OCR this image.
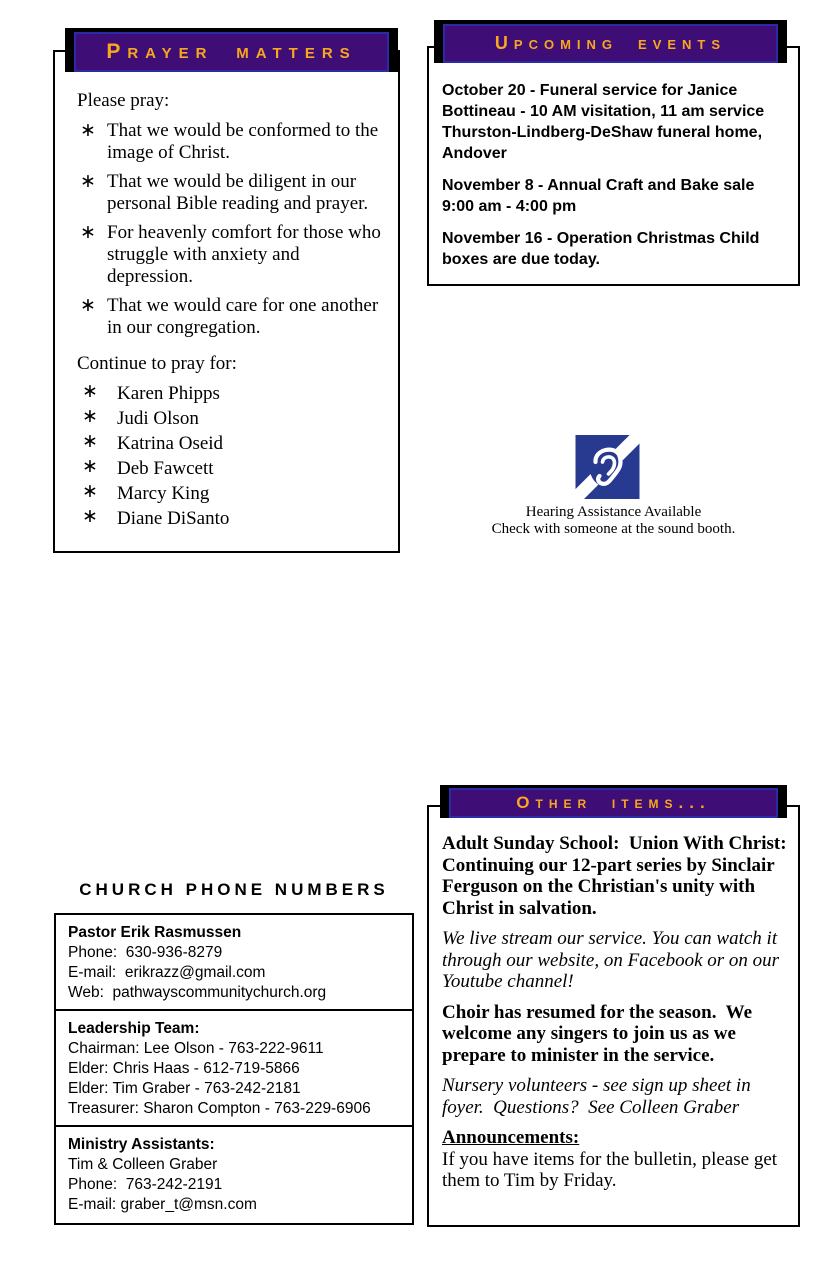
Please pray:

∗ That we would be conformed to the image of Christ.
∗ That we would be diligent in our personal Bible reading and prayer.
∗ For heavenly comfort for those who struggle with anxiety and depression.
∗ That we would care for one another in our congregation.

Continue to pray for:

∗ Karen Phipps
∗ Judi Olson
∗ Katrina Oseid
∗ Deb Fawcett
∗ Marcy King
∗ Diane DiSanto
Prayer matters

October 20 - Funeral service for Janice Bottineau - 10 AM visitation, 11 am service Thurston-Lindberg-DeShaw funeral home, Andover

November 8 - Annual Craft and Bake sale 9:00 am - 4:00 pm

November 16 - Operation Christmas Child boxes are due today.

Upcoming events
Hearing Assistance Available
Check with someone at the sound booth.
CHURCH PHONE NUMBERS
Pastor Erik Rasmussen
Phone:  630-936-8279
E-mail:  erikrazz@gmail.com
Web:  pathwayscommunitychurch.org
Leadership Team:
Chairman: Lee Olson - 763-222-9611
Elder: Chris Haas - 612-719-5866
Elder: Tim Graber - 763-242-2181
Treasurer: Sharon Compton - 763-229-6906
Ministry Assistants:
Tim & Colleen Graber
Phone:  763-242-2191
E-mail: graber_t@msn.com

Adult Sunday School:  Union With Christ: Continuing our 12-part series by Sinclair Ferguson on the Christian's unity with Christ in salvation.

We live stream our service. You can watch it through our website, on Facebook or on our Youtube channel!

Choir has resumed for the season.  We welcome any singers to join us as we prepare to minister in the service.

Nursery volunteers - see sign up sheet in foyer.  Questions?  See Colleen Graber

Announcements:

If you have items for the bulletin, please get them to Tim by Friday.

Other items...
